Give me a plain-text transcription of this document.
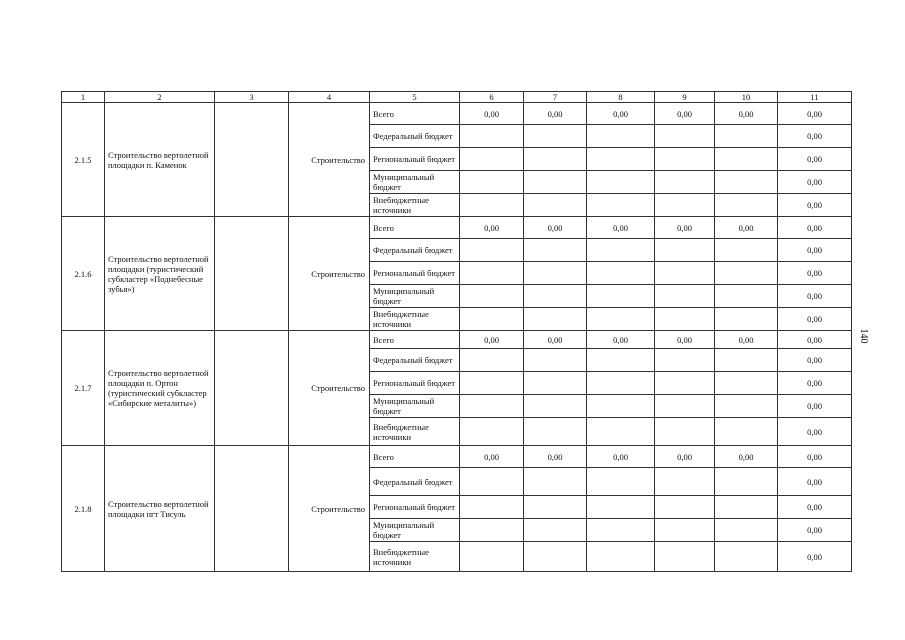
1	2	3	4	5	6	7	8	9	10	11
2.1.5	Строительство вертолетной площадки п. Каменок		Строительство	Всего	0,00	0,00	0,00	0,00	0,00	0,00
				Федеральный бюджет						0,00
				Региональный бюджет						0,00
				Муниципальный бюджет						0,00
				Внебюджетные источники						0,00
2.1.6	Строительство вертолетной площадки (туристический субкластер «Поднебесные зубья»)		Строительство	Всего	0,00	0,00	0,00	0,00	0,00	0,00
				Федеральный бюджет						0,00
				Региональный бюджет						0,00
				Муниципальный бюджет						0,00
				Внебюджетные источники						0,00
2.1.7	Строительство вертолетной площадки п. Ортон (туристический субкластер «Сибирские металиты»)		Строительство	Всего	0,00	0,00	0,00	0,00	0,00	0,00
				Федеральный бюджет						0,00
				Региональный бюджет						0,00
				Муниципальный бюджет						0,00
				Внебюджетные источники						0,00
2.1.8	Строительство вертолетной площадки пгт Тисуль		Строительство	Всего	0,00	0,00	0,00	0,00	0,00	0,00
				Федеральный бюджет						0,00
				Региональный бюджет						0,00
				Муниципальный бюджет						0,00
				Внебюджетные источники						0,00
140
